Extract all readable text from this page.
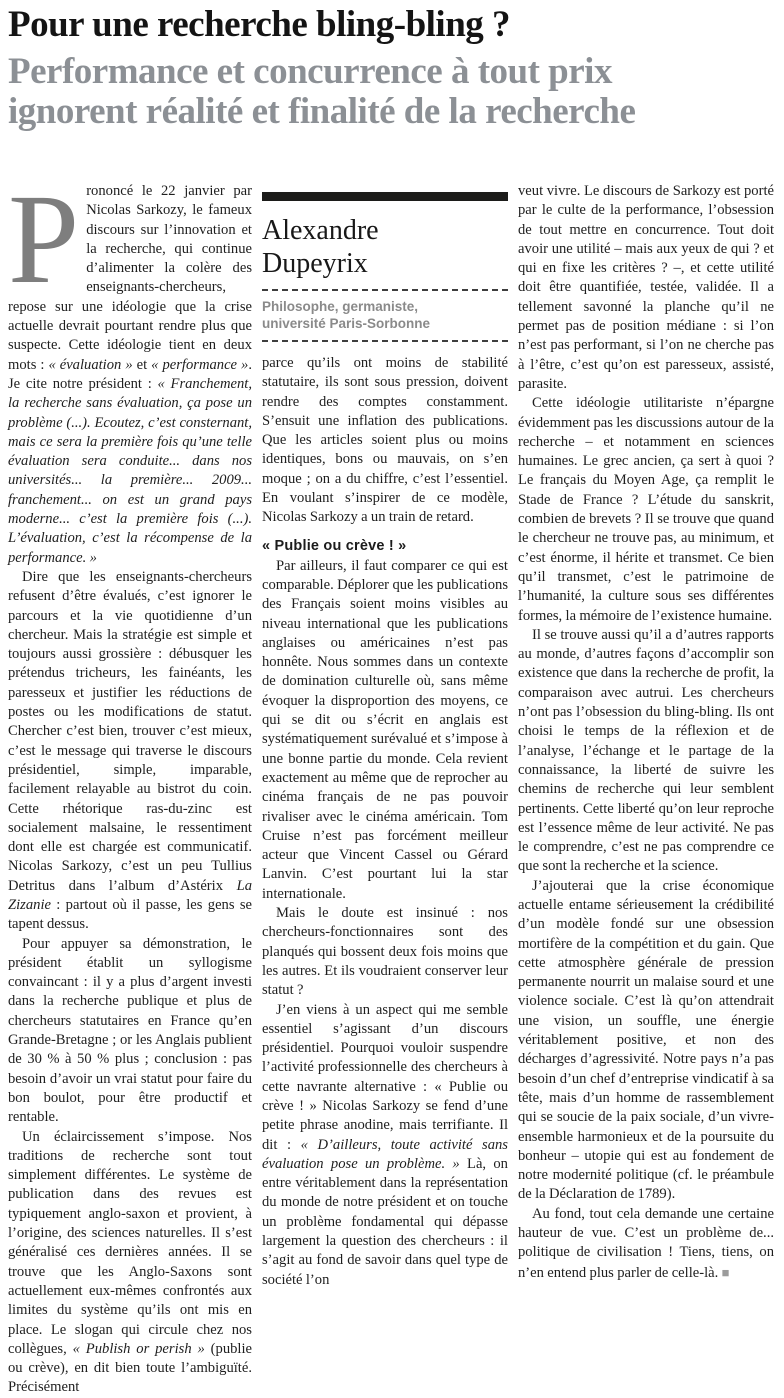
Pour une recherche bling-bling ?
Performance et concurrence à tout prix ignorent réalité et finalité de la recherche

Prononcé le 22 janvier par Nicolas Sarkozy, le fameux discours sur l’innovation et la recherche, qui continue d’alimenter la colère des enseignants-chercheurs, repose sur une idéologie que la crise actuelle devrait pourtant rendre plus que suspecte. Cette idéologie tient en deux mots : « évaluation » et « performance ». Je cite notre président : « Franchement, la recherche sans évaluation, ça pose un problème (...). Ecoutez, c’est consternant, mais ce sera la première fois qu’une telle évaluation sera conduite... dans nos universités... la première... 2009... franchement... on est un grand pays moderne... c’est la première fois (...). L’évaluation, c’est la récompense de la performance. »

Dire que les enseignants-chercheurs refusent d’être évalués, c’est ignorer le parcours et la vie quotidienne d’un chercheur. Mais la stratégie est simple et toujours aussi grossière : débusquer les prétendus tricheurs, les fainéants, les paresseux et justifier les réductions de postes ou les modifications de statut. Chercher c’est bien, trouver c’est mieux, c’est le message qui traverse le discours présidentiel, simple, imparable, facilement relayable au bistrot du coin. Cette rhétorique ras-du-zinc est socialement malsaine, le ressentiment dont elle est chargée est communicatif. Nicolas Sarkozy, c’est un peu Tullius Detritus dans l’album d’Astérix La Zizanie : partout où il passe, les gens se tapent dessus.

Pour appuyer sa démonstration, le président établit un syllogisme convaincant : il y a plus d’argent investi dans la recherche publique et plus de chercheurs statutaires en France qu’en Grande-Bretagne ; or les Anglais publient de 30 % à 50 % plus ; conclusion : pas besoin d’avoir un vrai statut pour faire du bon boulot, pour être productif et rentable.

Un éclaircissement s’impose. Nos traditions de recherche sont tout simplement différentes. Le système de publication dans des revues est typiquement anglo-saxon et provient, à l’origine, des sciences naturelles. Il s’est généralisé ces dernières années. Il se trouve que les Anglo-Saxons sont actuellement eux-mêmes confrontés aux limites du système qu’ils ont mis en place. Le slogan qui circule chez nos collègues, « Publish or perish » (publie ou crève), en dit bien toute l’ambiguïté. Précisément

Alexandre
Dupeyrix

Philosophe, germaniste,
université Paris-Sorbonne

parce qu’ils ont moins de stabilité statutaire, ils sont sous pression, doivent rendre des comptes constamment. S’ensuit une inflation des publications. Que les articles soient plus ou moins identiques, bons ou mauvais, on s’en moque ; on a du chiffre, c’est l’essentiel. En voulant s’inspirer de ce modèle, Nicolas Sarkozy a un train de retard.

« Publie ou crève ! »

Par ailleurs, il faut comparer ce qui est comparable. Déplorer que les publications des Français soient moins visibles au niveau international que les publications anglaises ou américaines n’est pas honnête. Nous sommes dans un contexte de domination culturelle où, sans même évoquer la disproportion des moyens, ce qui se dit ou s’écrit en anglais est systématiquement surévalué et s’impose à une bonne partie du monde. Cela revient exactement au même que de reprocher au cinéma français de ne pas pouvoir rivaliser avec le cinéma américain. Tom Cruise n’est pas forcément meilleur acteur que Vincent Cassel ou Gérard Lanvin. C’est pourtant lui la star internationale.

Mais le doute est insinué : nos chercheurs-fonctionnaires sont des planqués qui bossent deux fois moins que les autres. Et ils voudraient conserver leur statut ?

J’en viens à un aspect qui me semble essentiel s’agissant d’un discours présidentiel. Pourquoi vouloir suspendre l’activité professionnelle des chercheurs à cette navrante alternative : « Publie ou crève ! » Nicolas Sarkozy se fend d’une petite phrase anodine, mais terrifiante. Il dit : « D’ailleurs, toute activité sans évaluation pose un problème. » Là, on entre véritablement dans la représentation du monde de notre président et on touche un problème fondamental qui dépasse largement la question des chercheurs : il s’agit au fond de savoir dans quel type de société l’on

veut vivre. Le discours de Sarkozy est porté par le culte de la performance, l’obsession de tout mettre en concurrence. Tout doit avoir une utilité – mais aux yeux de qui ? et qui en fixe les critères ? –, et cette utilité doit être quantifiée, testée, validée. Il a tellement savonné la planche qu’il ne permet pas de position médiane : si l’on n’est pas performant, si l’on ne cherche pas à l’être, c’est qu’on est paresseux, assisté, parasite.

Cette idéologie utilitariste n’épargne évidemment pas les discussions autour de la recherche – et notamment en sciences humaines. Le grec ancien, ça sert à quoi ? Le français du Moyen Age, ça remplit le Stade de France ? L’étude du sanskrit, combien de brevets ? Il se trouve que quand le chercheur ne trouve pas, au minimum, et c’est énorme, il hérite et transmet. Ce bien qu’il transmet, c’est le patrimoine de l’humanité, la culture sous ses différentes formes, la mémoire de l’existence humaine.

Il se trouve aussi qu’il a d’autres rapports au monde, d’autres façons d’accomplir son existence que dans la recherche de profit, la comparaison avec autrui. Les chercheurs n’ont pas l’obsession du bling-bling. Ils ont choisi le temps de la réflexion et de l’analyse, l’échange et le partage de la connaissance, la liberté de suivre les chemins de recherche qui leur semblent pertinents. Cette liberté qu’on leur reproche est l’essence même de leur activité. Ne pas le comprendre, c’est ne pas comprendre ce que sont la recherche et la science.

J’ajouterai que la crise économique actuelle entame sérieusement la crédibilité d’un modèle fondé sur une obsession mortifère de la compétition et du gain. Que cette atmosphère générale de pression permanente nourrit un malaise sourd et une violence sociale. C’est là qu’on attendrait une vision, un souffle, une énergie véritablement positive, et non des décharges d’agressivité. Notre pays n’a pas besoin d’un chef d’entreprise vindicatif à sa tête, mais d’un homme de rassemblement qui se soucie de la paix sociale, d’un vivre-ensemble harmonieux et de la poursuite du bonheur – utopie qui est au fondement de notre modernité politique (cf. le préambule de la Déclaration de 1789).

Au fond, tout cela demande une certaine hauteur de vue. C’est un problème de... politique de civilisation ! Tiens, tiens, on n’en entend plus parler de celle-là. ■
